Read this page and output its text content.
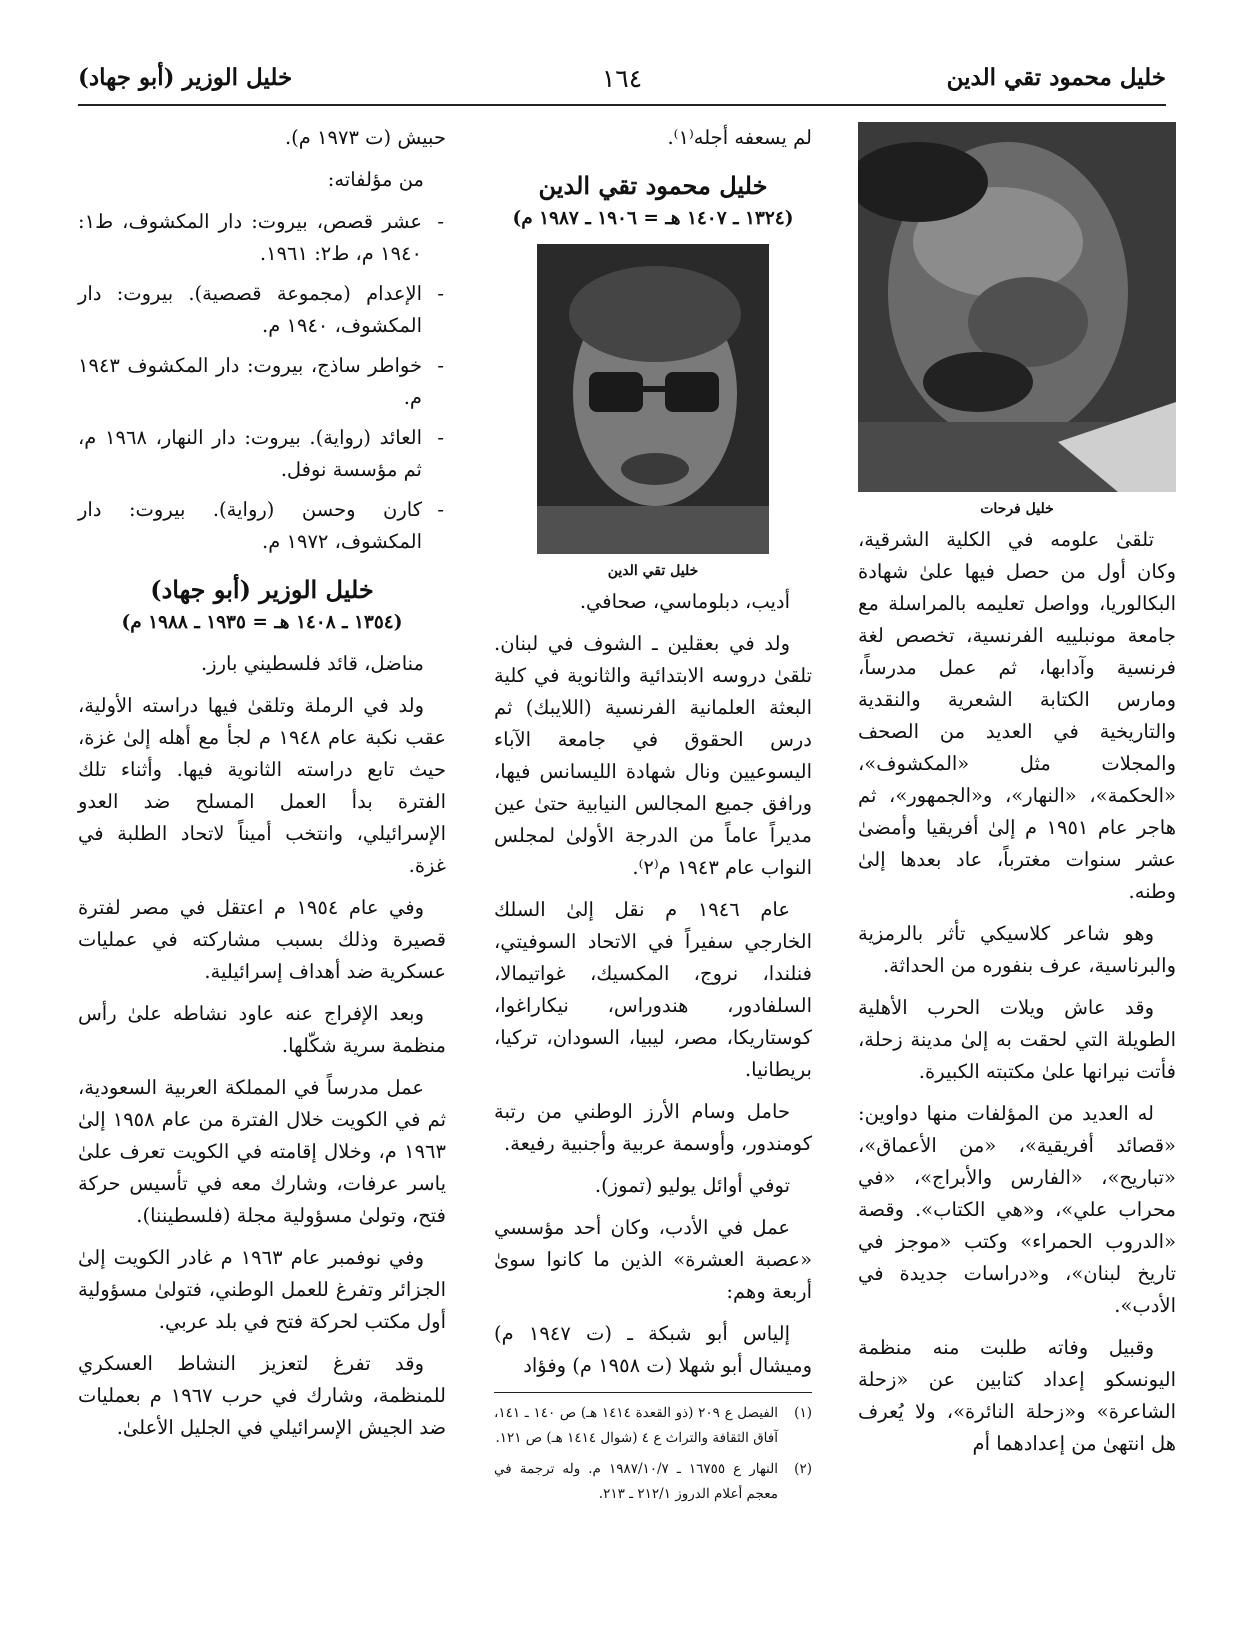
خليل محمود تقي الدين
١٦٤
خليل الوزير (أبو جهاد)
خليل فرحات

تلقىٰ علومه في الكلية الشرقية، وكان أول من حصل فيها علىٰ شهادة البكالوريا، وواصل تعليمه بالمراسلة مع جامعة مونبلييه الفرنسية، تخصص لغة فرنسية وآدابها، ثم عمل مدرساً، ومارس الكتابة الشعرية والنقدية والتاريخية في العديد من الصحف والمجلات مثل «المكشوف»، «الحكمة»، «النهار»، و«الجمهور»، ثم هاجر عام ١٩٥١ م إلىٰ أفريقيا وأمضىٰ عشر سنوات مغترباً، عاد بعدها إلىٰ وطنه.

وهو شاعر كلاسيكي تأثر بالرمزية والبرناسية، عرف بنفوره من الحداثة.

وقد عاش ويلات الحرب الأهلية الطويلة التي لحقت به إلىٰ مدينة زحلة، فأتت نيرانها علىٰ مكتبته الكبيرة.

له العديد من المؤلفات منها دواوين: «قصائد أفريقية»، «من الأعماق»، «تباريح»، «الفارس والأبراج»، «في محراب علي»، و«هي الكتاب». وقصة «الدروب الحمراء» وكتب «موجز في تاريخ لبنان»، و«دراسات جديدة في الأدب».

وقبيل وفاته طلبت منه منظمة اليونسكو إعداد كتابين عن «زحلة الشاعرة» و«زحلة النائرة»، ولا يُعرف هل انتهىٰ من إعدادهما أم

لم يسعفه أجله⁽١⁾.

خليل محمود تقي الدين
(١٣٢٤ ـ ١٤٠٧ هـ = ١٩٠٦ ـ ١٩٨٧ م)
خليل تقي الدين

أديب، دبلوماسي، صحافي.

ولد في بعقلين ـ الشوف في لبنان. تلقىٰ دروسه الابتدائية والثانوية في كلية البعثة العلمانية الفرنسية (اللايبك) ثم درس الحقوق في جامعة الآباء اليسوعيين ونال شهادة الليسانس فيها، ورافق جميع المجالس النيابية حتىٰ عين مديراً عاماً من الدرجة الأولىٰ لمجلس النواب عام ١٩٤٣ م⁽٢⁾.

عام ١٩٤٦ م نقل إلىٰ السلك الخارجي سفيراً في الاتحاد السوفيتي، فنلندا، نروج، المكسيك، غواتيمالا، السلفادور، هندوراس، نيكاراغوا، كوستاريكا، مصر، ليبيا، السودان، تركيا، بريطانيا.

حامل وسام الأرز الوطني من رتبة كومندور، وأوسمة عربية وأجنبية رفيعة.

توفي أوائل يوليو (تموز).

عمل في الأدب، وكان أحد مؤسسي «عصبة العشرة» الذين ما كانوا سوىٰ أربعة وهم:

إلياس أبو شبكة ـ (ت ١٩٤٧ م) وميشال أبو شهلا (ت ١٩٥٨ م) وفؤاد

(١)
الفيصل ع ٢٠٩ (ذو القعدة ١٤١٤ هـ) ص ١٤٠ ـ ١٤١، آفاق الثقافة والتراث ع ٤ (شوال ١٤١٤ هـ) ص ١٢١.
(٢)
النهار ع ١٦٧٥٥ ـ ١٩٨٧/١٠/٧ م. وله ترجمة في معجم أعلام الدروز ٢١٢/١ ـ ٢١٣.

حبيش (ت ١٩٧٣ م).

من مؤلفاته:

- عشر قصص، بيروت: دار المكشوف، ط١: ١٩٤٠ م، ط٢: ١٩٦١.
- الإعدام (مجموعة قصصية). بيروت: دار المكشوف، ١٩٤٠ م.
- خواطر ساذج، بيروت: دار المكشوف ١٩٤٣ م.
- العائد (رواية). بيروت: دار النهار، ١٩٦٨ م، ثم مؤسسة نوفل.
- كارن وحسن (رواية). بيروت: دار المكشوف، ١٩٧٢ م.
خليل الوزير (أبو جهاد)
(١٣٥٤ ـ ١٤٠٨ هـ = ١٩٣٥ ـ ١٩٨٨ م)

مناضل، قائد فلسطيني بارز.

ولد في الرملة وتلقىٰ فيها دراسته الأولية، عقب نكبة عام ١٩٤٨ م لجأ مع أهله إلىٰ غزة، حيث تابع دراسته الثانوية فيها. وأثناء تلك الفترة بدأ العمل المسلح ضد العدو الإسرائيلي، وانتخب أميناً لاتحاد الطلبة في غزة.

وفي عام ١٩٥٤ م اعتقل في مصر لفترة قصيرة وذلك بسبب مشاركته في عمليات عسكرية ضد أهداف إسرائيلية.

وبعد الإفراج عنه عاود نشاطه علىٰ رأس منظمة سرية شكّلها.

عمل مدرساً في المملكة العربية السعودية، ثم في الكويت خلال الفترة من عام ١٩٥٨ إلىٰ ١٩٦٣ م، وخلال إقامته في الكويت تعرف علىٰ ياسر عرفات، وشارك معه في تأسيس حركة فتح، وتولىٰ مسؤولية مجلة (فلسطيننا).

وفي نوفمبر عام ١٩٦٣ م غادر الكويت إلىٰ الجزائر وتفرغ للعمل الوطني، فتولىٰ مسؤولية أول مكتب لحركة فتح في بلد عربي.

وقد تفرغ لتعزيز النشاط العسكري للمنظمة، وشارك في حرب ١٩٦٧ م بعمليات ضد الجيش الإسرائيلي في الجليل الأعلىٰ.
